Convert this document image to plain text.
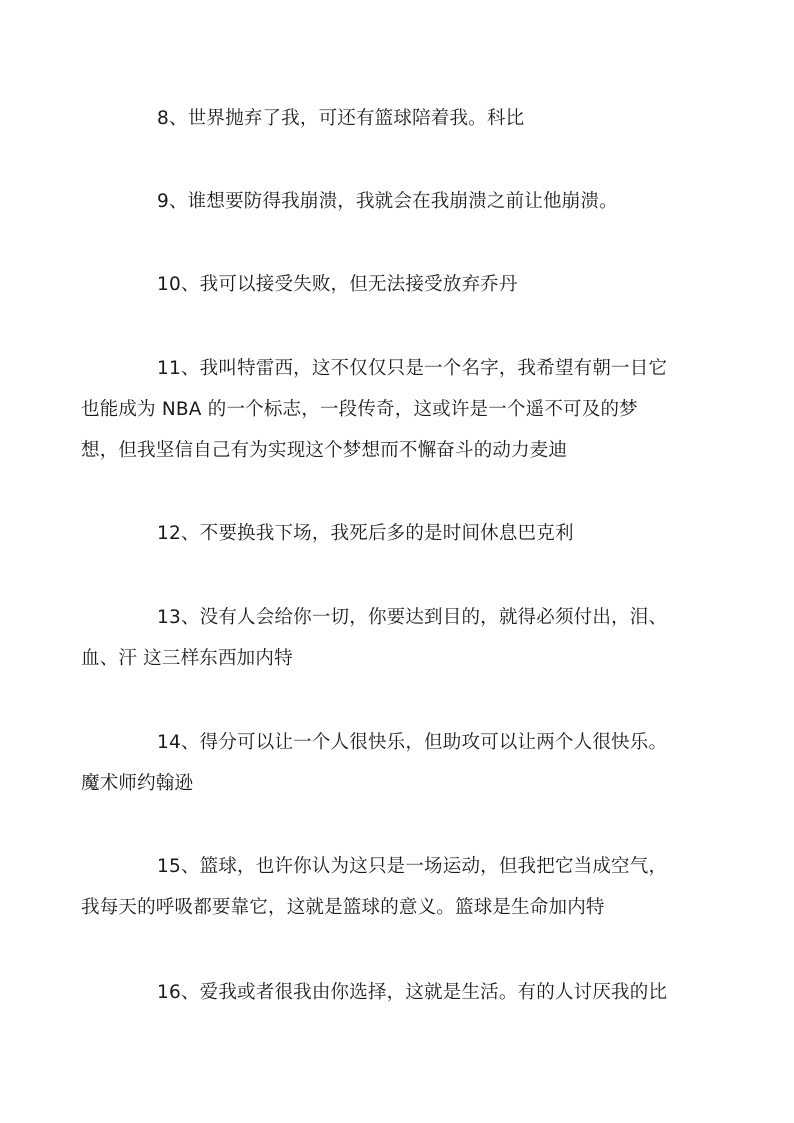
8、世界抛弃了我，可还有篮球陪着我。科比

9、谁想要防得我崩溃，我就会在我崩溃之前让他崩溃。

10、我可以接受失败，但无法接受放弃乔丹

11、我叫特雷西，这不仅仅只是一个名字，我希望有朝一日它
也能成为 NBA 的一个标志，一段传奇，这或许是一个遥不可及的梦
想，但我坚信自己有为实现这个梦想而不懈奋斗的动力麦迪

12、不要换我下场，我死后多的是时间休息巴克利

13、没有人会给你一切，你要达到目的，就得必须付出，泪、
血、汗 这三样东西加内特

14、得分可以让一个人很快乐，但助攻可以让两个人很快乐。
魔术师约翰逊

15、篮球，也许你认为这只是一场运动，但我把它当成空气，
我每天的呼吸都要靠它，这就是篮球的意义。篮球是生命加内特

16、爱我或者很我由你选择，这就是生活。有的人讨厌我的比
